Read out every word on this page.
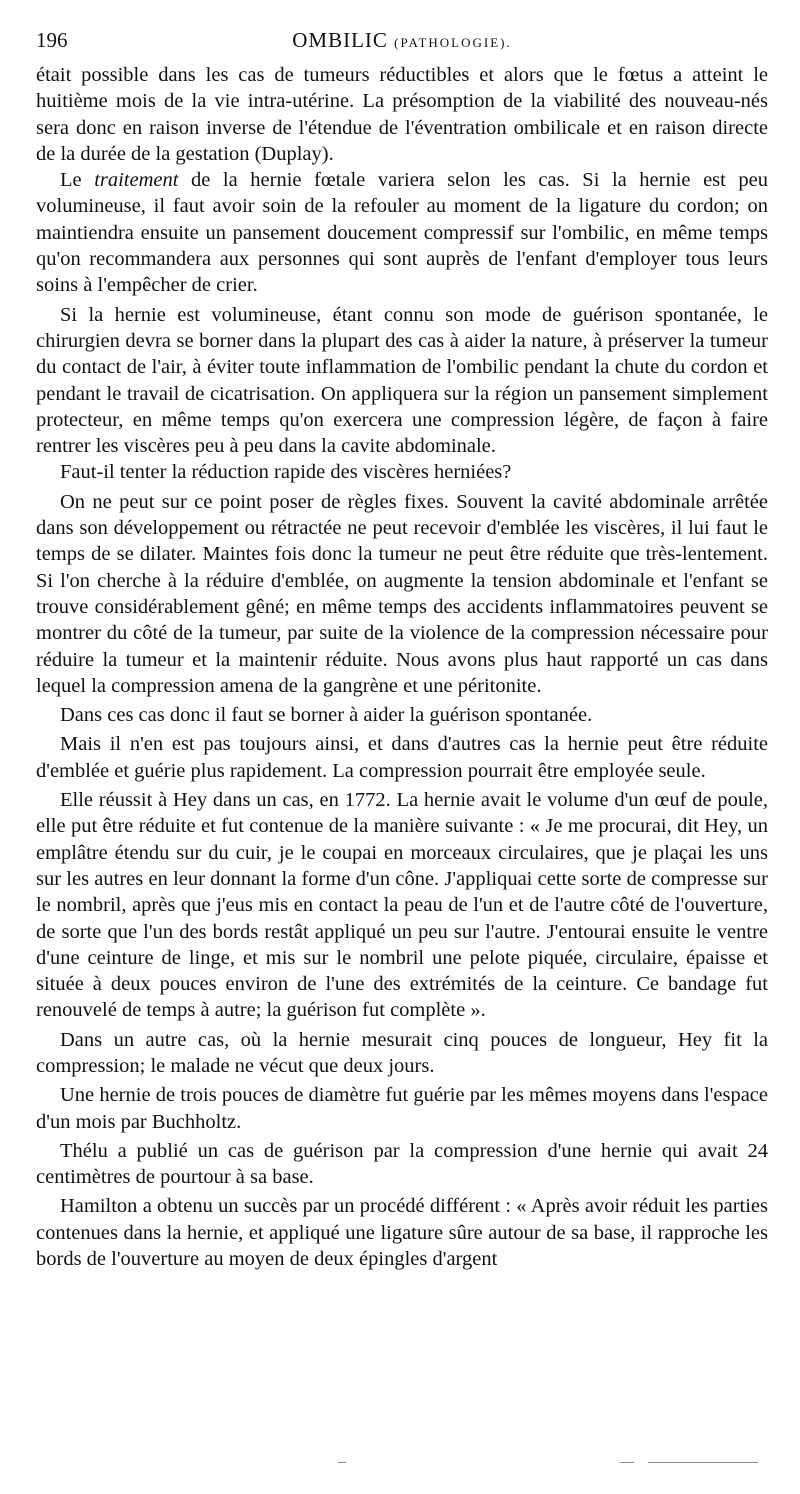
196	OMBILIC (PATHOLOGIE).

était possible dans les cas de tumeurs réductibles et alors que le fœtus a atteint le huitième mois de la vie intra-utérine. La présomption de la viabilité des nouveau-nés sera donc en raison inverse de l'étendue de l'éventration ombilicale et en raison directe de la durée de la gestation (Duplay).

Le traitement de la hernie fœtale variera selon les cas. Si la hernie est peu volumineuse, il faut avoir soin de la refouler au moment de la ligature du cordon; on maintiendra ensuite un pansement doucement compressif sur l'ombilic, en même temps qu'on recommandera aux personnes qui sont auprès de l'enfant d'employer tous leurs soins à l'empêcher de crier.

Si la hernie est volumineuse, étant connu son mode de guérison spontanée, le chirurgien devra se borner dans la plupart des cas à aider la nature, à préserver la tumeur du contact de l'air, à éviter toute inflammation de l'ombilic pendant la chute du cordon et pendant le travail de cicatrisation. On appliquera sur la région un pansement simplement protecteur, en même temps qu'on exercera une compression légère, de façon à faire rentrer les viscères peu à peu dans la cavite abdominale.

Faut-il tenter la réduction rapide des viscères herniées?

On ne peut sur ce point poser de règles fixes. Souvent la cavité abdominale arrêtée dans son développement ou rétractée ne peut recevoir d'emblée les viscères, il lui faut le temps de se dilater. Maintes fois donc la tumeur ne peut être réduite que très-lentement. Si l'on cherche à la réduire d'emblée, on augmente la tension abdominale et l'enfant se trouve considérablement gêné; en même temps des accidents inflammatoires peuvent se montrer du côté de la tumeur, par suite de la violence de la compression nécessaire pour réduire la tumeur et la maintenir réduite. Nous avons plus haut rapporté un cas dans lequel la compression amena de la gangrène et une péritonite.

Dans ces cas donc il faut se borner à aider la guérison spontanée.

Mais il n'en est pas toujours ainsi, et dans d'autres cas la hernie peut être réduite d'emblée et guérie plus rapidement. La compression pourrait être employée seule.

Elle réussit à Hey dans un cas, en 1772. La hernie avait le volume d'un œuf de poule, elle put être réduite et fut contenue de la manière suivante : « Je me procurai, dit Hey, un emplâtre étendu sur du cuir, je le coupai en morceaux circulaires, que je plaçai les uns sur les autres en leur donnant la forme d'un cône. J'appliquai cette sorte de compresse sur le nombril, après que j'eus mis en contact la peau de l'un et de l'autre côté de l'ouverture, de sorte que l'un des bords restât appliqué un peu sur l'autre. J'entourai ensuite le ventre d'une ceinture de linge, et mis sur le nombril une pelote piquée, circulaire, épaisse et située à deux pouces environ de l'une des extrémités de la ceinture. Ce bandage fut renouvelé de temps à autre; la guérison fut complète ».

Dans un autre cas, où la hernie mesurait cinq pouces de longueur, Hey fit la compression; le malade ne vécut que deux jours.

Une hernie de trois pouces de diamètre fut guérie par les mêmes moyens dans l'espace d'un mois par Buchholtz.

Thélu a publié un cas de guérison par la compression d'une hernie qui avait 24 centimètres de pourtour à sa base.

Hamilton a obtenu un succès par un procédé différent : « Après avoir réduit les parties contenues dans la hernie, et appliqué une ligature sûre autour de sa base, il rapproche les bords de l'ouverture au moyen de deux épingles d'argent
